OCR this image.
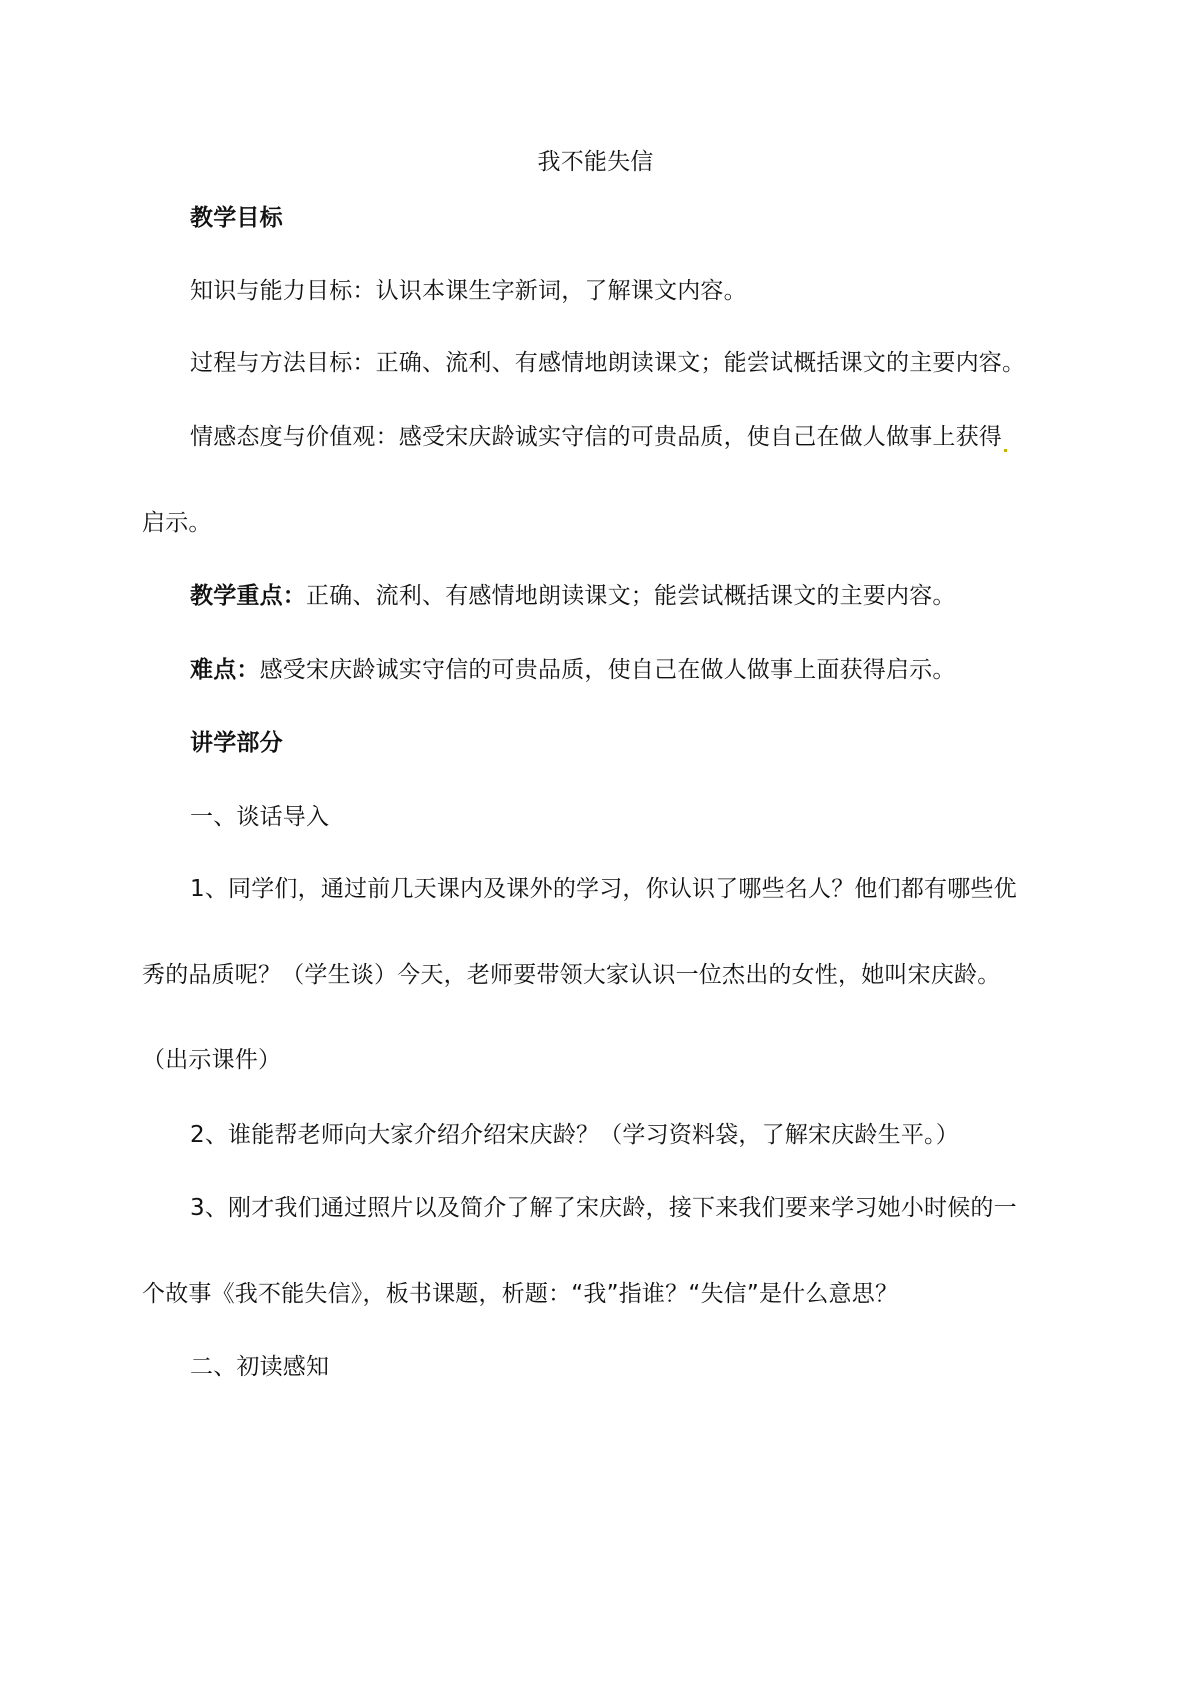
我不能失信
教学目标
知识与能力目标：认识本课生字新词，了解课文内容。
过程与方法目标：正确、流利、有感情地朗读课文；能尝试概括课文的主要内容。
情感态度与价值观：感受宋庆龄诚实守信的可贵品质，使自己在做人做事上获得
启示。
教学重点：正确、流利、有感情地朗读课文；能尝试概括课文的主要内容。
难点：感受宋庆龄诚实守信的可贵品质，使自己在做人做事上面获得启示。
讲学部分
一、谈话导入
1、同学们，通过前几天课内及课外的学习，你认识了哪些名人？他们都有哪些优
秀的品质呢？（学生谈）今天，老师要带领大家认识一位杰出的女性，她叫宋庆龄。
（出示课件）
2、谁能帮老师向大家介绍介绍宋庆龄？（学习资料袋，了解宋庆龄生平。）
3、刚才我们通过照片以及简介了解了宋庆龄，接下来我们要来学习她小时候的一
个故事《我不能失信》，板书课题，析题：“我”指谁？“失信”是什么意思？
二、初读感知
